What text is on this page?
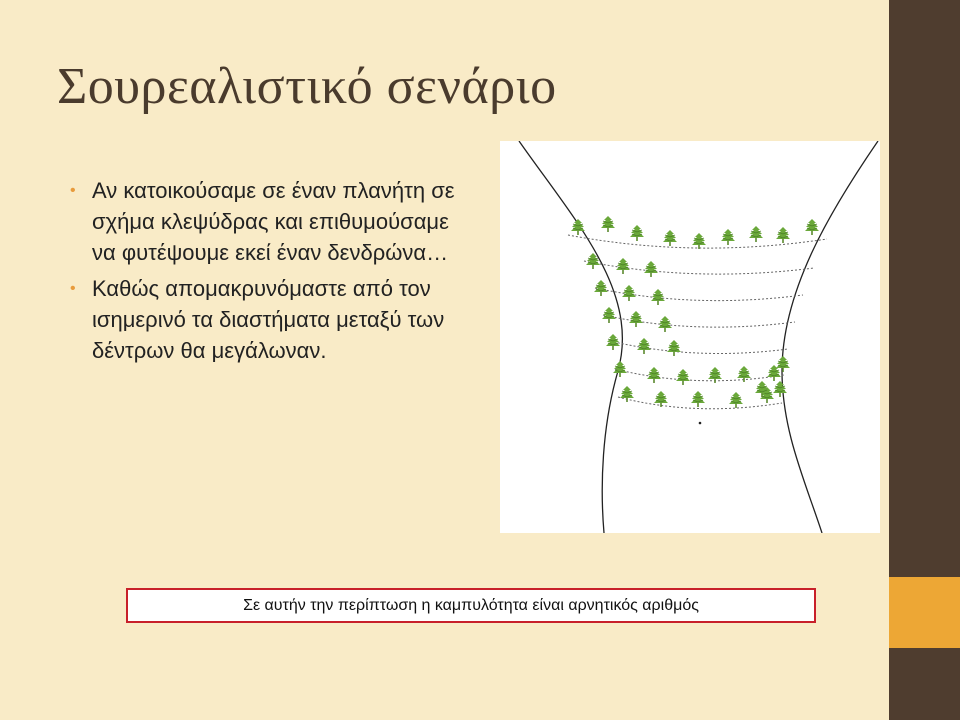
Σουρεαλιστικό σενάριο
• Αν κατοικούσαμε σε έναν πλανήτη σε σχήμα κλεψύδρας και επιθυμούσαμε να φυτέψουμε εκεί έναν δενδρώνα…
• Καθώς απομακρυνόμαστε από τον ισημερινό τα διαστήματα μεταξύ των δέντρων θα μεγάλωναν.
Σε αυτήν την περίπτωση η καμπυλότητα είναι αρνητικός αριθμός
